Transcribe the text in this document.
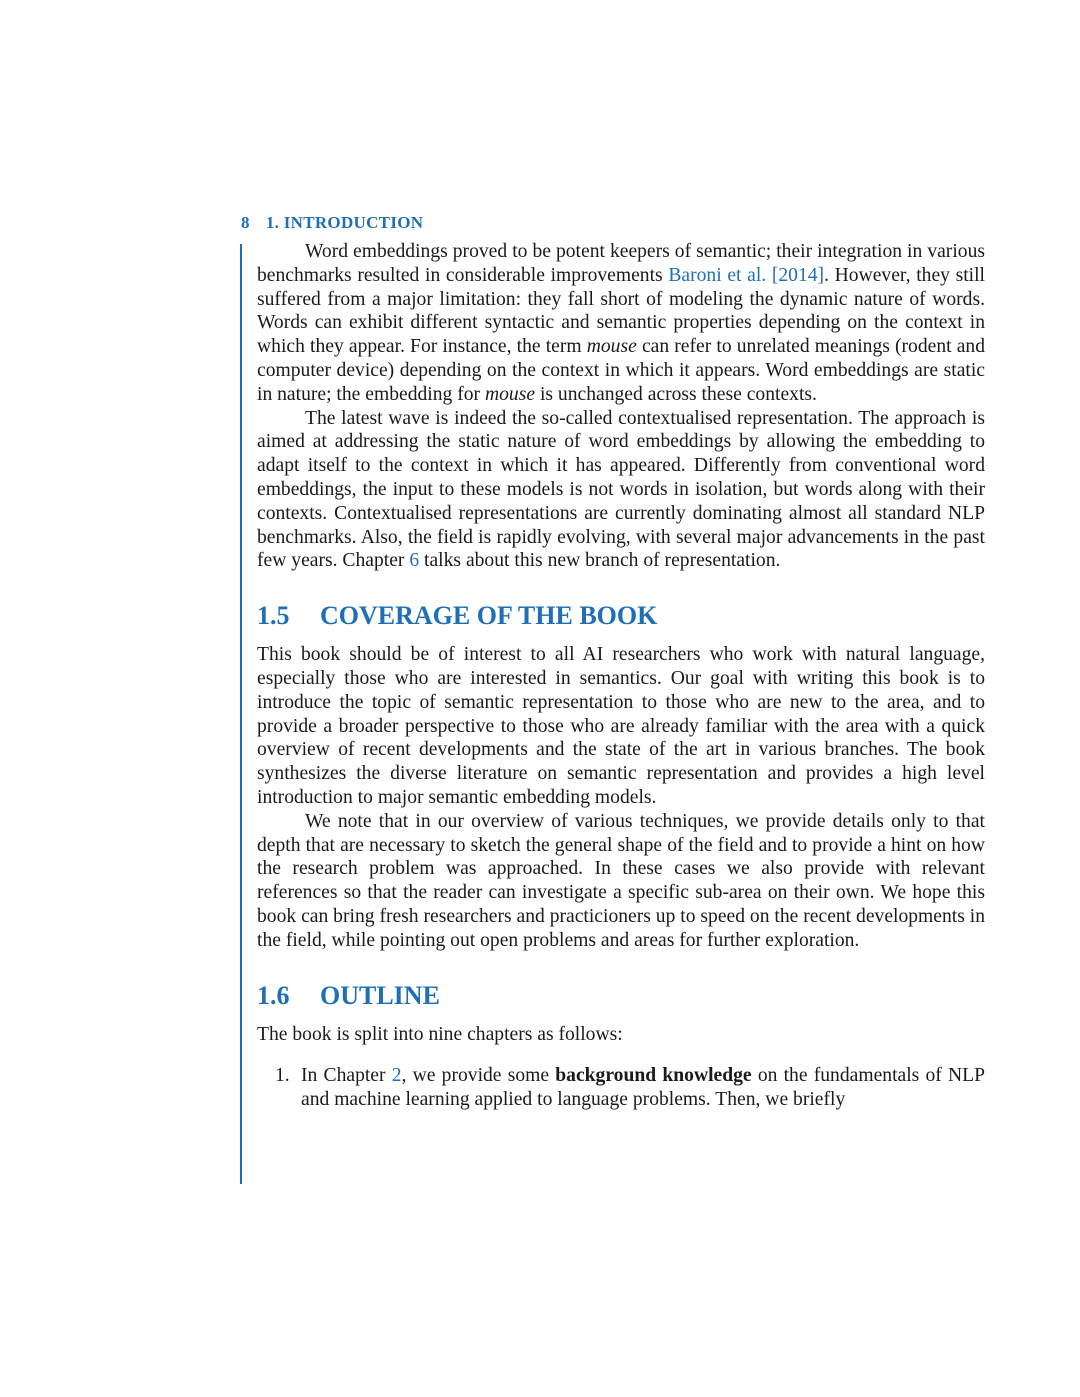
8 1. INTRODUCTION

Word embeddings proved to be potent keepers of semantic; their integration in various benchmarks resulted in considerable improvements Baroni et al. [2014]. However, they still suffered from a major limitation: they fall short of modeling the dynamic nature of words. Words can exhibit different syntactic and semantic properties depending on the context in which they appear. For instance, the term mouse can refer to unrelated meanings (rodent and computer device) depending on the context in which it appears. Word embeddings are static in nature; the embedding for mouse is unchanged across these contexts.

The latest wave is indeed the so-called contextualised representation. The approach is aimed at addressing the static nature of word embeddings by allowing the embedding to adapt itself to the context in which it has appeared. Differently from conventional word embeddings, the input to these models is not words in isolation, but words along with their contexts. Contextualised representations are currently dominating almost all standard NLP benchmarks. Also, the field is rapidly evolving, with several major advancements in the past few years. Chapter 6 talks about this new branch of representation.

1.5 COVERAGE OF THE BOOK

This book should be of interest to all AI researchers who work with natural language, especially those who are interested in semantics. Our goal with writing this book is to introduce the topic of semantic representation to those who are new to the area, and to provide a broader perspective to those who are already familiar with the area with a quick overview of recent developments and the state of the art in various branches. The book synthesizes the diverse literature on semantic representation and provides a high level introduction to major semantic embedding models.

We note that in our overview of various techniques, we provide details only to that depth that are necessary to sketch the general shape of the field and to provide a hint on how the research problem was approached. In these cases we also provide with relevant references so that the reader can investigate a specific sub-area on their own. We hope this book can bring fresh researchers and practicioners up to speed on the recent developments in the field, while pointing out open problems and areas for further exploration.

1.6 OUTLINE

The book is split into nine chapters as follows:

1. In Chapter 2, we provide some background knowledge on the fundamentals of NLP and machine learning applied to language problems. Then, we briefly
